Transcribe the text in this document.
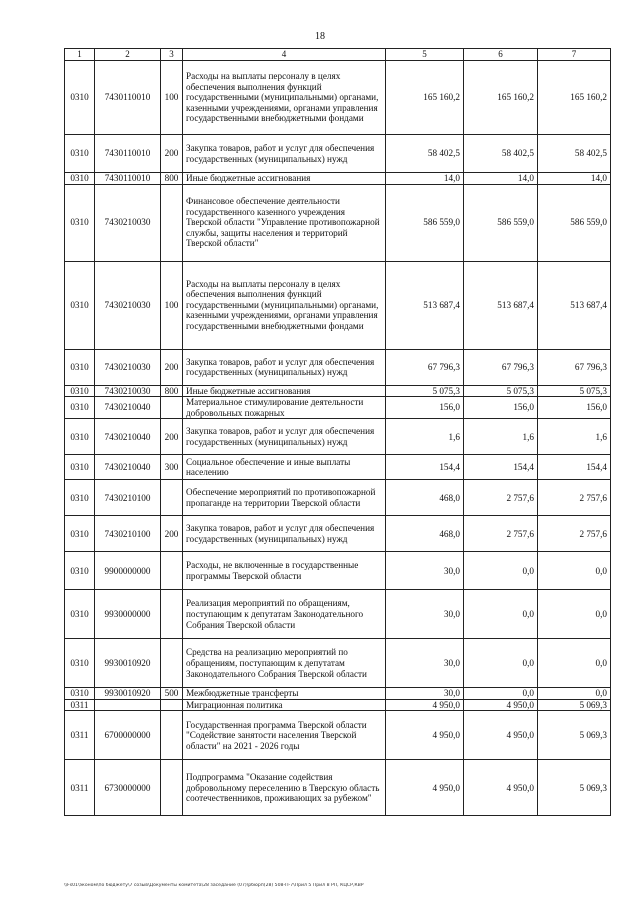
18
1	2	3	4	5	6	7
0310	7430110010	100	Расходы на выплаты персоналу в целях обеспечения выполнения функций государственными (муниципальными) органами, казенными учреждениями, органами управления государственными внебюджетными фондами	165 160,2	165 160,2	165 160,2
0310	7430110010	200	Закупка товаров, работ и услуг для обеспечения государственных (муниципальных) нужд	58 402,5	58 402,5	58 402,5
0310	7430110010	800	Иные бюджетные ассигнования	14,0	14,0	14,0
0310	7430210030		Финансовое обеспечение деятельности государственного казенного учреждения Тверской области "Управление противопожарной службы, защиты населения и территорий Тверской области"	586 559,0	586 559,0	586 559,0
0310	7430210030	100	Расходы на выплаты персоналу в целях обеспечения выполнения функций государственными (муниципальными) органами, казенными учреждениями, органами управления государственными внебюджетными фондами	513 687,4	513 687,4	513 687,4
0310	7430210030	200	Закупка товаров, работ и услуг для обеспечения государственных (муниципальных) нужд	67 796,3	67 796,3	67 796,3
0310	7430210030	800	Иные бюджетные ассигнования	5 075,3	5 075,3	5 075,3
0310	7430210040		Материальное стимулирование деятельности добровольных пожарных	156,0	156,0	156,0
0310	7430210040	200	Закупка товаров, работ и услуг для обеспечения государственных (муниципальных) нужд	1,6	1,6	1,6
0310	7430210040	300	Социальное обеспечение и иные выплаты населению	154,4	154,4	154,4
0310	7430210100		Обеспечение мероприятий по противопожарной пропаганде на территории Тверской области	468,0	2 757,6	2 757,6
0310	7430210100	200	Закупка товаров, работ и услуг для обеспечения государственных (муниципальных) нужд	468,0	2 757,6	2 757,6
0310	9900000000		Расходы, не включенные в государственные программы Тверской области	30,0	0,0	0,0
0310	9930000000		Реализация мероприятий по обращениям, поступающим к депутатам Законодательного Собрания Тверской области	30,0	0,0	0,0
0310	9930010920		Средства на реализацию мероприятий по обращениям, поступающим к депутатам Законодательного Собрания Тверской области	30,0	0,0	0,0
0310	9930010920	500	Межбюджетные трансферты	30,0	0,0	0,0
0311			Миграционная политика	4 950,0	4 950,0	5 069,3
0311	6700000000		Государственная программа Тверской области "Содействие занятости населения Тверской области" на 2021 - 2026 годы	4 950,0	4 950,0	5 069,3
0311	6730000000		Подпрограмма "Оказание содействия добровольному переселению в Тверскую область соотечественников, проживающих за рубежом"	4 950,0	4 950,0	5 069,3
\\Fs01\эконом\по бюджету\7 созыв\Документы комитета\28 заседание (07)\рбюрп(28) 508-П-7\Прил 5 Прил 8 РП, КЦСР,КВР
